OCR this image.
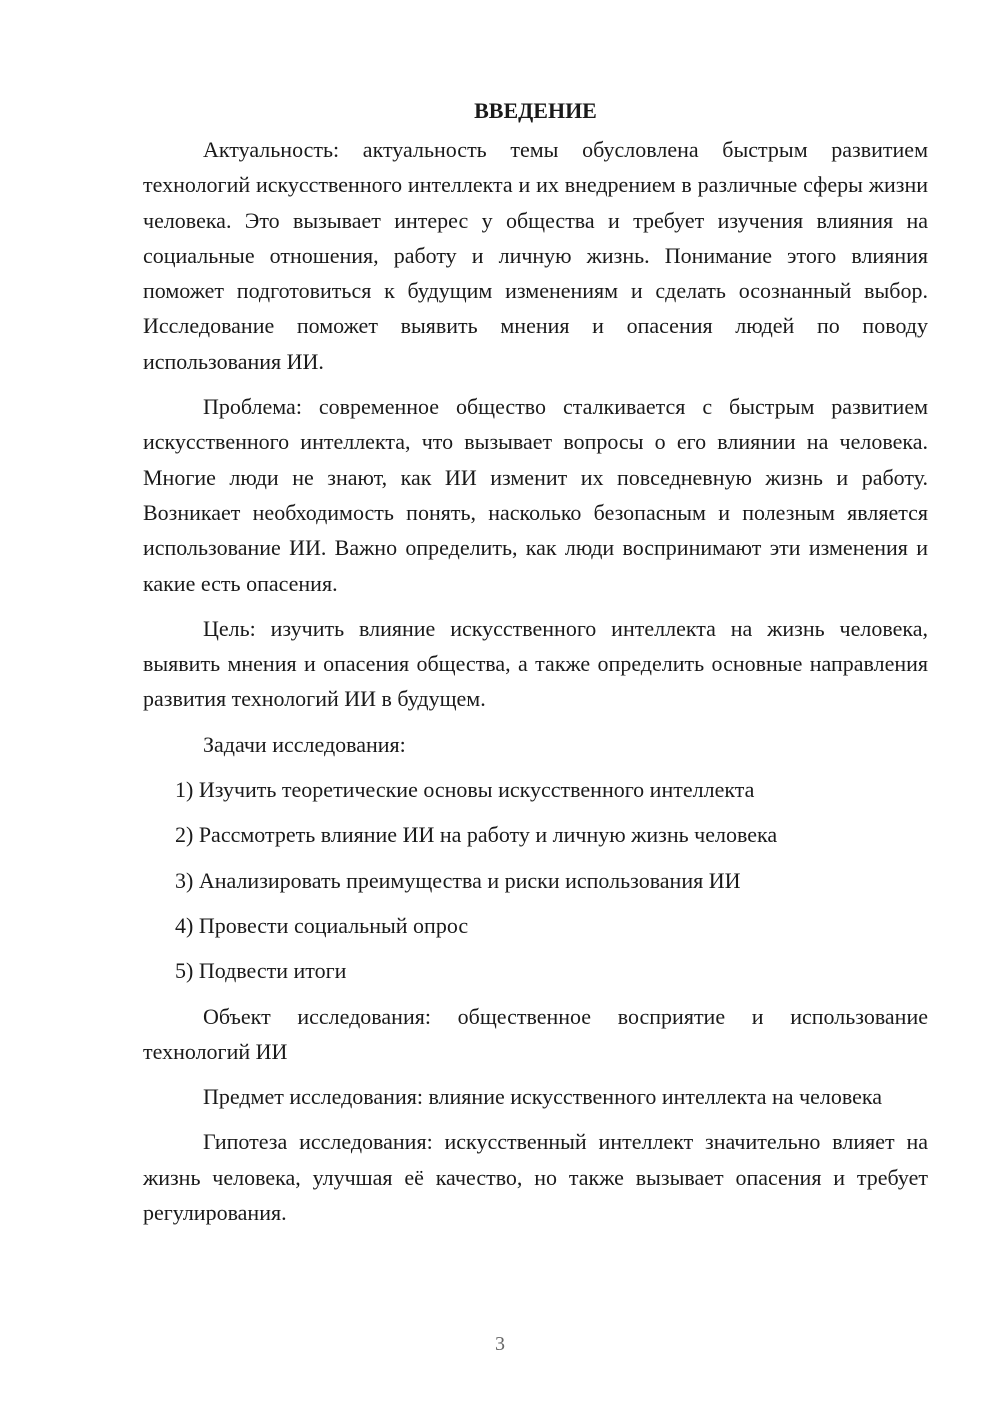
ВВЕДЕНИЕ

Актуальность: актуальность темы обусловлена быстрым развитием технологий искусственного интеллекта и их внедрением в различные сферы жизни человека. Это вызывает интерес у общества и требует изучения влияния на социальные отношения, работу и личную жизнь. Понимание этого влияния поможет подготовиться к будущим изменениям и сделать осознанный выбор. Исследование поможет выявить мнения и опасения людей по поводу использования ИИ.

Проблема: современное общество сталкивается с быстрым развитием искусственного интеллекта, что вызывает вопросы о его влиянии на человека. Многие люди не знают, как ИИ изменит их повседневную жизнь и работу. Возникает необходимость понять, насколько безопасным и полезным является использование ИИ. Важно определить, как люди воспринимают эти изменения и какие есть опасения.

Цель: изучить влияние искусственного интеллекта на жизнь человека, выявить мнения и опасения общества, а также определить основные направления развития технологий ИИ в будущем.

Задачи исследования:

1) Изучить теоретические основы искусственного интеллекта
2) Рассмотреть влияние ИИ на работу и личную жизнь человека
3) Анализировать преимущества и риски использования ИИ
4) Провести социальный опрос
5) Подвести итоги

Объект исследования: общественное восприятие и использование технологий ИИ

Предмет исследования: влияние искусственного интеллекта на человека

Гипотеза исследования: искусственный интеллект значительно влияет на жизнь человека, улучшая её качество, но также вызывает опасения и требует регулирования.

3
